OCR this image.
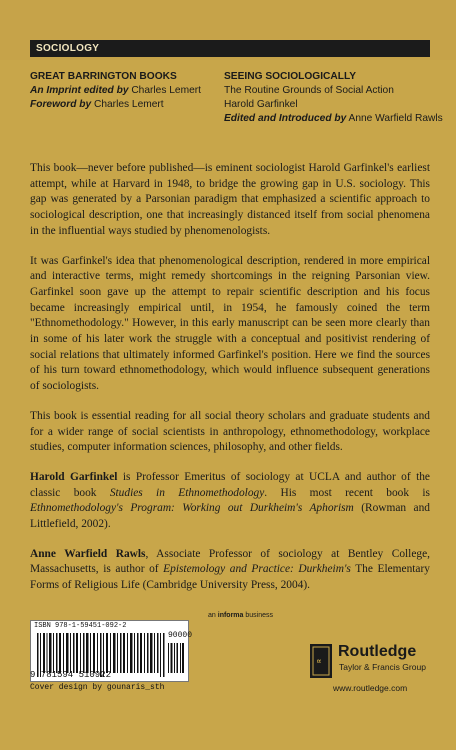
SOCIOLOGY
GREAT BARRINGTON BOOKS
An Imprint edited by Charles Lemert
Foreword by Charles Lemert
SEEING SOCIOLOGICALLY
The Routine Grounds of Social Action
Harold Garfinkel
Edited and Introduced by Anne Warfield Rawls

This book—never before published—is eminent sociologist Harold Garfinkel's earliest attempt, while at Harvard in 1948, to bridge the growing gap in U.S. sociology. This gap was generated by a Parsonian paradigm that emphasized a scientific approach to sociological description, one that increasingly distanced itself from social phenomena in the influential ways studied by phenomenologists.

It was Garfinkel's idea that phenomenological description, rendered in more empirical and interactive terms, might remedy shortcomings in the reigning Parsonian view. Garfinkel soon gave up the attempt to repair scientific description and his focus became increasingly empirical until, in 1954, he famously coined the term "Ethnomethodology." However, in this early manuscript can be seen more clearly than in some of his later work the struggle with a conceptual and positivist rendering of social relations that ultimately informed Garfinkel's position. Here we find the sources of his turn toward ethnomethodology, which would influence subsequent generations of sociologists.

This book is essential reading for all social theory scholars and graduate students and for a wider range of social scientists in anthropology, ethnomethodology, workplace studies, computer information sciences, philosophy, and other fields.

Harold Garfinkel is Professor Emeritus of sociology at UCLA and author of the classic book Studies in Ethnomethodology. His most recent book is Ethnomethodology's Program: Working out Durkheim's Aphorism (Rowman and Littlefield, 2002).

Anne Warfield Rawls, Associate Professor of sociology at Bentley College, Massachusetts, is author of Epistemology and Practice: Durkheim's The Elementary Forms of Religious Life (Cambridge University Press, 2004).

ISBN 978-1-59451-092-2
90000
9 781594 510922
Cover design by gounaris_sth
an informa business
R
Routledge
Taylor & Francis Group
www.routledge.com
